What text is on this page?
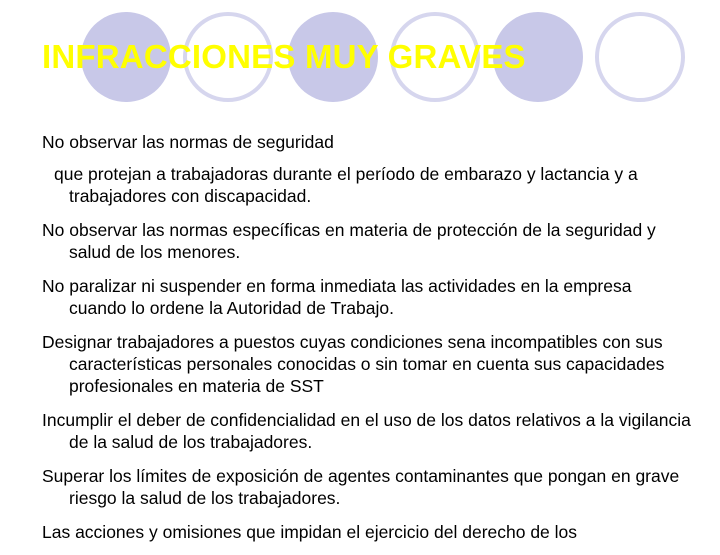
INFRACCIONES MUY GRAVES

No observar las normas de seguridad

que protejan a trabajadoras durante el período de embarazo y lactancia y a trabajadores con discapacidad.

No observar las normas específicas en materia de protección de la seguridad y salud de los menores.

No paralizar ni suspender en forma inmediata las actividades en la empresa cuando lo ordene la Autoridad de Trabajo.

Designar trabajadores a puestos cuyas condiciones sena incompatibles con sus características personales conocidas o sin tomar en cuenta sus capacidades profesionales en materia de SST

Incumplir el deber de confidencialidad en el uso de los datos relativos a la vigilancia de la salud de los trabajadores.

Superar los límites de exposición de agentes contaminantes que pongan en grave riesgo la salud de los trabajadores.

Las acciones y omisiones que impidan el ejercicio del derecho de los
